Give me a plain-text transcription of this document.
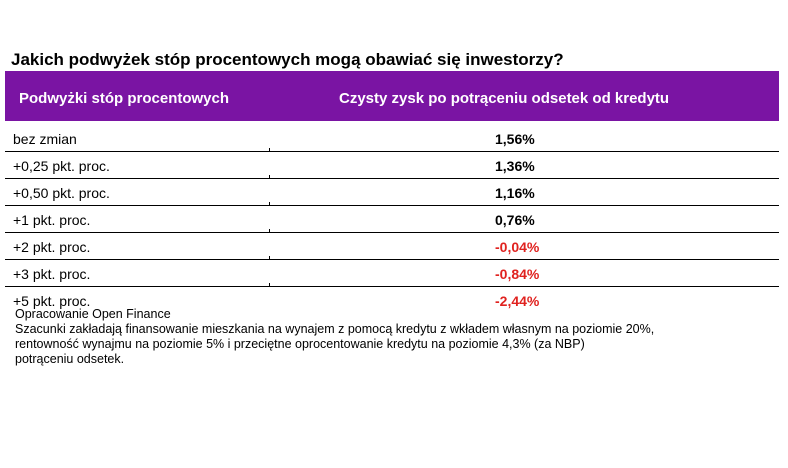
Jakich podwyżek stóp procentowych mogą obawiać się inwestorzy?
Podwyżki stóp procentowych	Czysty zysk po potrąceniu odsetek od kredytu
bez zmian	1,56%
+0,25 pkt. proc.	1,36%
+0,50 pkt. proc.	1,16%
+1 pkt. proc.	0,76%
+2 pkt. proc.	-0,04%
+3 pkt. proc.	-0,84%
+5 pkt. proc.	-2,44%
Opracowanie Open Finance
Szacunki zakładają finansowanie mieszkania na wynajem z pomocą kredytu z wkładem własnym na poziomie 20%,
rentowność wynajmu na poziomie 5% i przeciętne oprocentowanie kredytu na poziomie 4,3% (za NBP)
potrąceniu odsetek.
